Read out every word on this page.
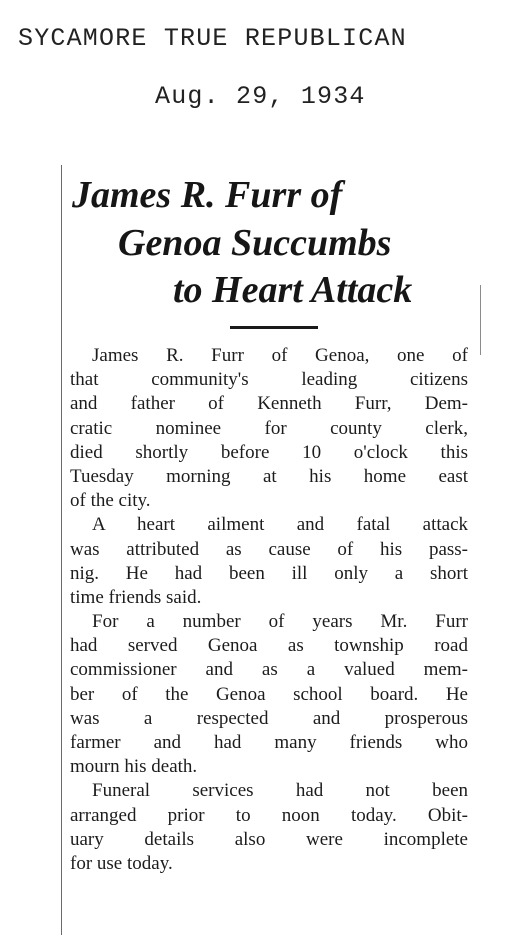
SYCAMORE TRUE REPUBLICAN
Aug. 29, 1934
James R. Furr of
Genoa Succumbs
to Heart Attack
James R. Furr of Genoa, one of
that community's leading citizens
and father of Kenneth Furr, Dem-
cratic nominee for county clerk,
died shortly before 10 o'clock this
Tuesday morning at his home east
of the city.
A heart ailment and fatal attack
was attributed as cause of his pass-
nig. He had been ill only a short
time friends said.
For a number of years Mr. Furr
had served Genoa as township road
commissioner and as a valued mem-
ber of the Genoa school board. He
was a respected and prosperous
farmer and had many friends who
mourn his death.
Funeral services had not been
arranged prior to noon today. Obit-
uary details also were incomplete
for use today.
